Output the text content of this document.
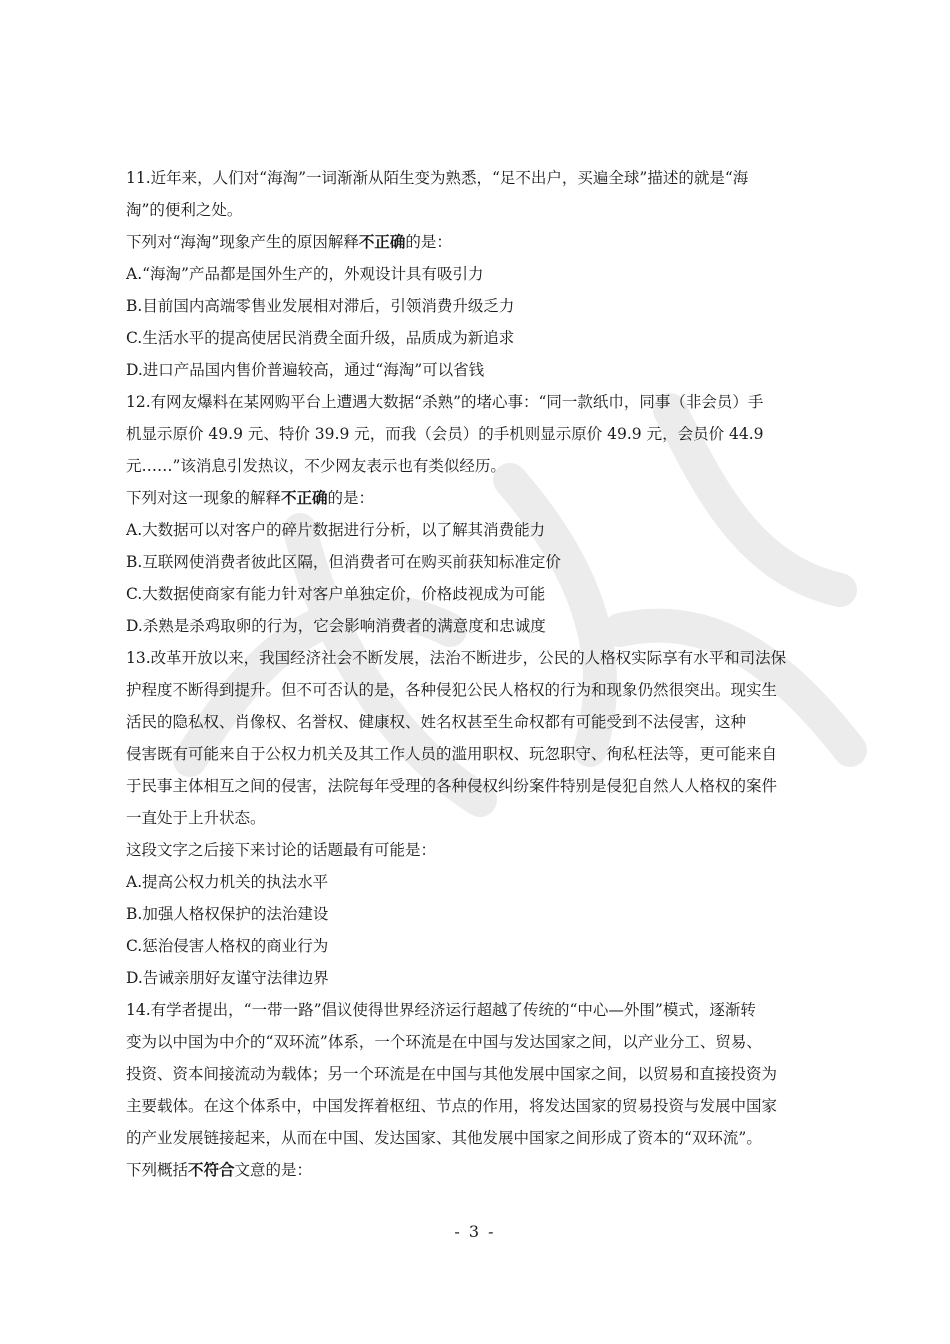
11.近年来，人们对“海淘”一词渐渐从陌生变为熟悉，“足不出户，买遍全球”描述的就是“海
淘”的便利之处。
下列对“海淘”现象产生的原因解释不正确的是：
A.“海淘”产品都是国外生产的，外观设计具有吸引力
B.目前国内高端零售业发展相对滞后，引领消费升级乏力
C.生活水平的提高使居民消费全面升级，品质成为新追求
D.进口产品国内售价普遍较高，通过“海淘”可以省钱
12.有网友爆料在某网购平台上遭遇大数据“杀熟”的堵心事：“同一款纸巾，同事（非会员）手
机显示原价 49.9 元、特价 39.9 元，而我（会员）的手机则显示原价 49.9 元，会员价 44.9
元……”该消息引发热议，不少网友表示也有类似经历。
下列对这一现象的解释不正确的是：
A.大数据可以对客户的碎片数据进行分析，以了解其消费能力
B.互联网使消费者彼此区隔，但消费者可在购买前获知标准定价
C.大数据使商家有能力针对客户单独定价，价格歧视成为可能
D.杀熟是杀鸡取卵的行为，它会影响消费者的满意度和忠诚度
13.改革开放以来，我国经济社会不断发展，法治不断进步，公民的人格权实际享有水平和司法保
护程度不断得到提升。但不可否认的是，各种侵犯公民人格权的行为和现象仍然很突出。现实生
活民的隐私权、肖像权、名誉权、健康权、姓名权甚至生命权都有可能受到不法侵害，这种
侵害既有可能来自于公权力机关及其工作人员的滥用职权、玩忽职守、徇私枉法等，更可能来自
于民事主体相互之间的侵害，法院每年受理的各种侵权纠纷案件特别是侵犯自然人人格权的案件
一直处于上升状态。
这段文字之后接下来讨论的话题最有可能是：
A.提高公权力机关的执法水平
B.加强人格权保护的法治建设
C.惩治侵害人格权的商业行为
D.告诫亲朋好友谨守法律边界
14.有学者提出，“一带一路”倡议使得世界经济运行超越了传统的“中心—外围”模式，逐渐转
变为以中国为中介的“双环流”体系，一个环流是在中国与发达国家之间，以产业分工、贸易、
投资、资本间接流动为载体；另一个环流是在中国与其他发展中国家之间，以贸易和直接投资为
主要载体。在这个体系中，中国发挥着枢纽、节点的作用，将发达国家的贸易投资与发展中国家
的产业发展链接起来，从而在中国、发达国家、其他发展中国家之间形成了资本的“双环流”。
下列概括不符合文意的是：
- 3 -
